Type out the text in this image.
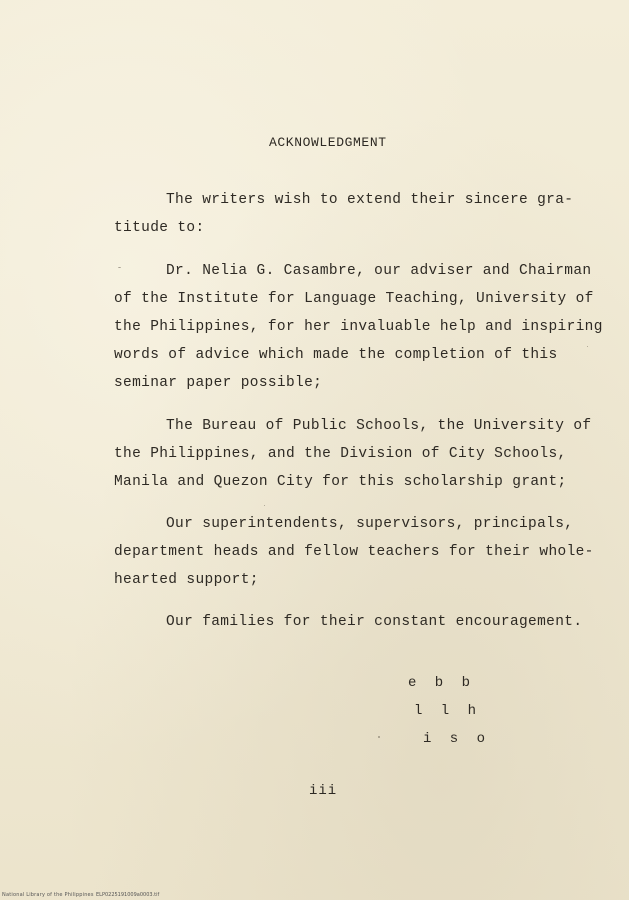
ACKNOWLEDGMENT
The writers wish to extend their sincere gra-
titude to:
Dr. Nelia G. Casambre, our adviser and Chairman
of the Institute for Language Teaching, University of
the Philippines, for her invaluable help and inspiring
words of advice which made the completion of this
seminar paper possible;
The Bureau of Public Schools, the University of
the Philippines, and the Division of City Schools,
Manila and Quezon City for this scholarship grant;
Our superintendents, supervisors, principals,
department heads and fellow teachers for their whole-
hearted support;
Our families for their constant encouragement.
e b b
l l h
i s o
iii
National Library of the Philippines ELP0225191009a0003.tif
